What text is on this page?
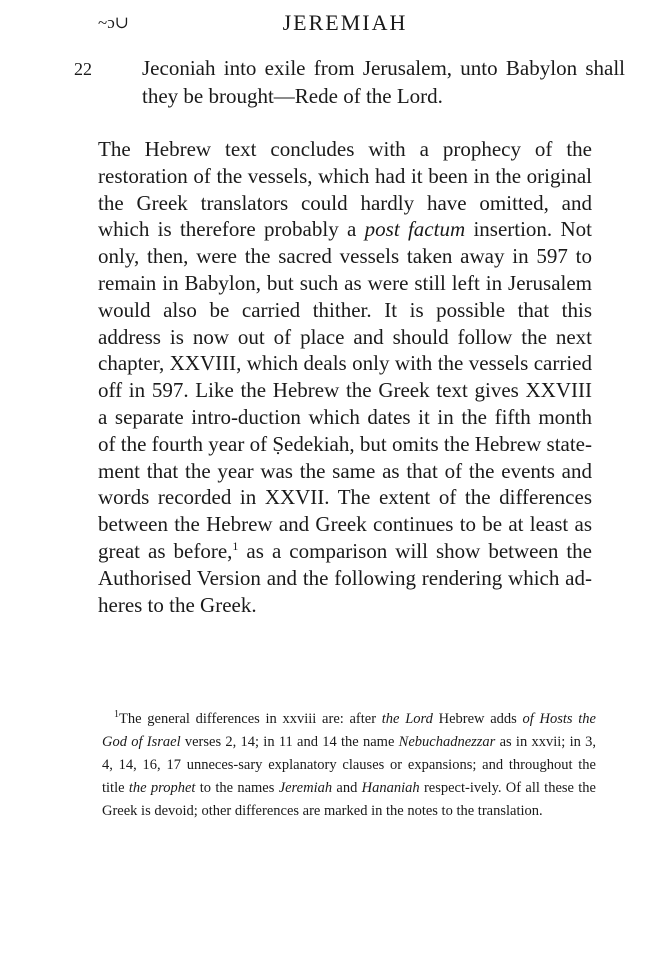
~ɔ∪	JEREMIAH
22 Jeconiah into exile from Jerusalem, unto Babylon shall they be brought—Rede of the Lord.
The Hebrew text concludes with a prophecy of the restoration of the vessels, which had it been in the original the Greek translators could hardly have omitted, and which is therefore probably a post factum insertion. Not only, then, were the sacred vessels taken away in 597 to remain in Babylon, but such as were still left in Jerusalem would also be carried thither. It is possible that this address is now out of place and should follow the next chapter, XXVIII, which deals only with the vessels carried off in 597. Like the Hebrew the Greek text gives XXVIII a separate intro-duction which dates it in the fifth month of the fourth year of Ṣedekiah, but omits the Hebrew state-ment that the year was the same as that of the events and words recorded in XXVII. The extent of the differences between the Hebrew and Greek continues to be at least as great as before,$^1$ as a comparison will show between the Authorised Version and the following rendering which ad-heres to the Greek.
$^1$The general differences in xxviii are: after the Lord Hebrew adds of Hosts the God of Israel verses 2, 14; in 11 and 14 the name Nebuchadnezzar as in xxvii; in 3, 4, 14, 16, 17 unneces-sary explanatory clauses or expansions; and throughout the title the prophet to the names Jeremiah and Hananiah respect-ively. Of all these the Greek is devoid; other differences are marked in the notes to the translation.
